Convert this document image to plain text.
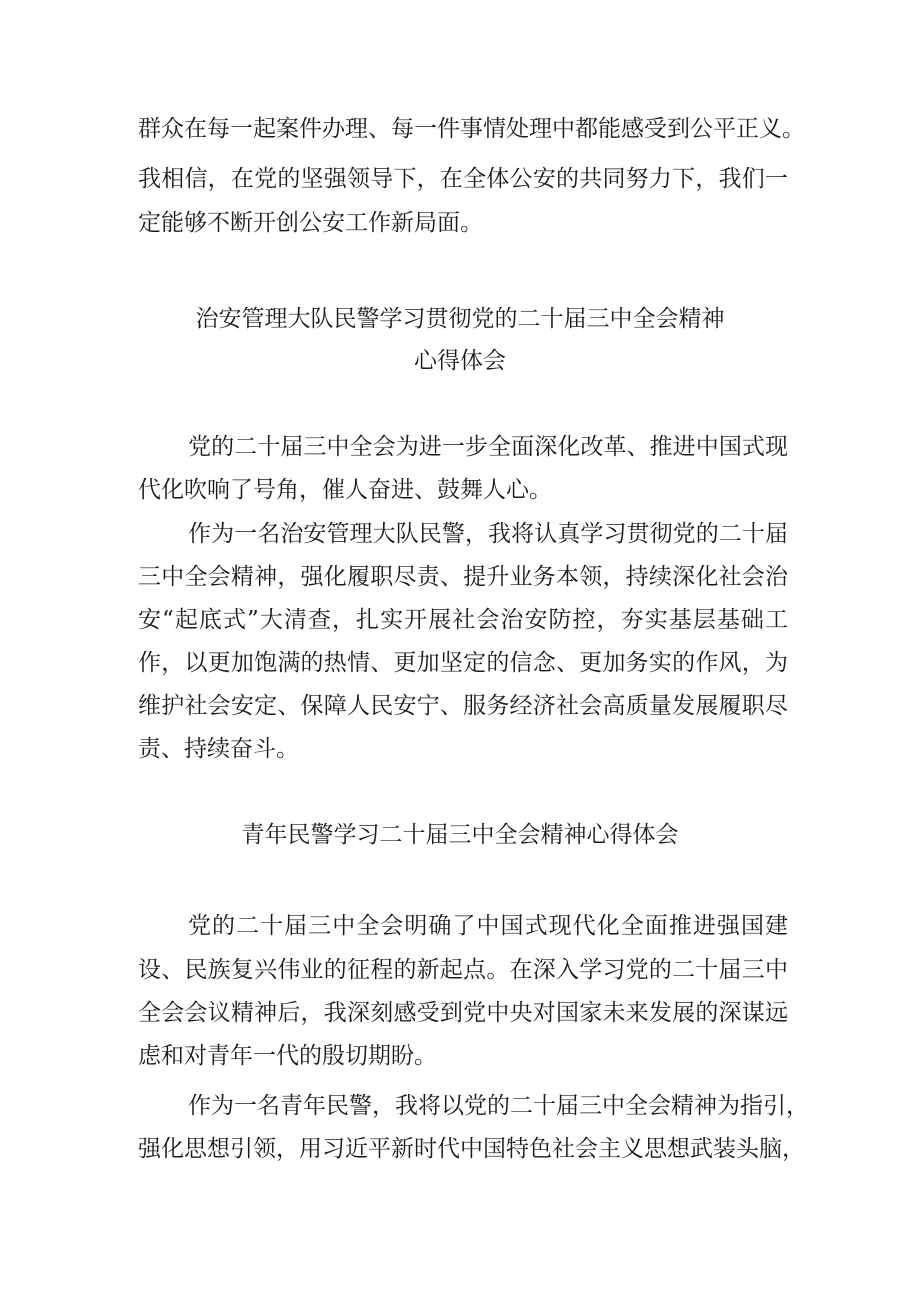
群众在每一起案件办理、每一件事情处理中都能感受到公平正义。
我相信，在党的坚强领导下，在全体公安的共同努力下，我们一
定能够不断开创公安工作新局面。
治安管理大队民警学习贯彻党的二十届三中全会精神
心得体会
党的二十届三中全会为进一步全面深化改革、推进中国式现
代化吹响了号角，催人奋进、鼓舞人心。
作为一名治安管理大队民警，我将认真学习贯彻党的二十届
三中全会精神，强化履职尽责、提升业务本领，持续深化社会治
安“起底式”大清查，扎实开展社会治安防控，夯实基层基础工
作，以更加饱满的热情、更加坚定的信念、更加务实的作风，为
维护社会安定、保障人民安宁、服务经济社会高质量发展履职尽
责、持续奋斗。
青年民警学习二十届三中全会精神心得体会
党的二十届三中全会明确了中国式现代化全面推进强国建
设、民族复兴伟业的征程的新起点。在深入学习党的二十届三中
全会会议精神后，我深刻感受到党中央对国家未来发展的深谋远
虑和对青年一代的殷切期盼。
作为一名青年民警，我将以党的二十届三中全会精神为指引，
强化思想引领，用习近平新时代中国特色社会主义思想武装头脑，
